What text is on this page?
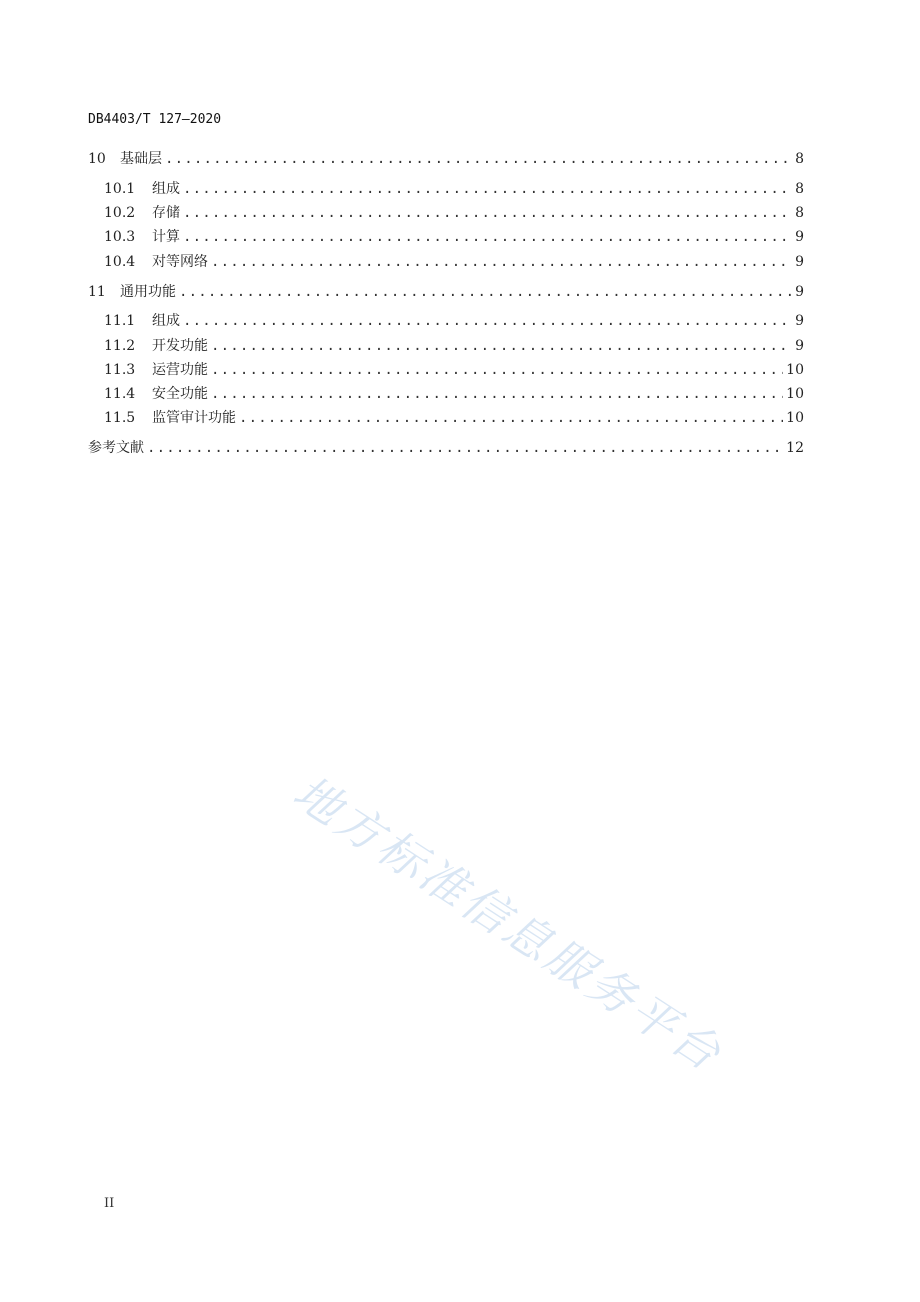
DB4403/T 127—2020
10	基础层 .....	8
10.1	组成 .....	8
10.2	存储 .....	8
10.3	计算 .....	9
10.4	对等网络 .....	9
11	通用功能 .....	9
11.1	组成 .....	9
11.2	开发功能 .....	9
11.3	运营功能 .....	10
11.4	安全功能 .....	10
11.5	监管审计功能 .....	10
参考文献 .....	12
地方标准信息服务平台
II
